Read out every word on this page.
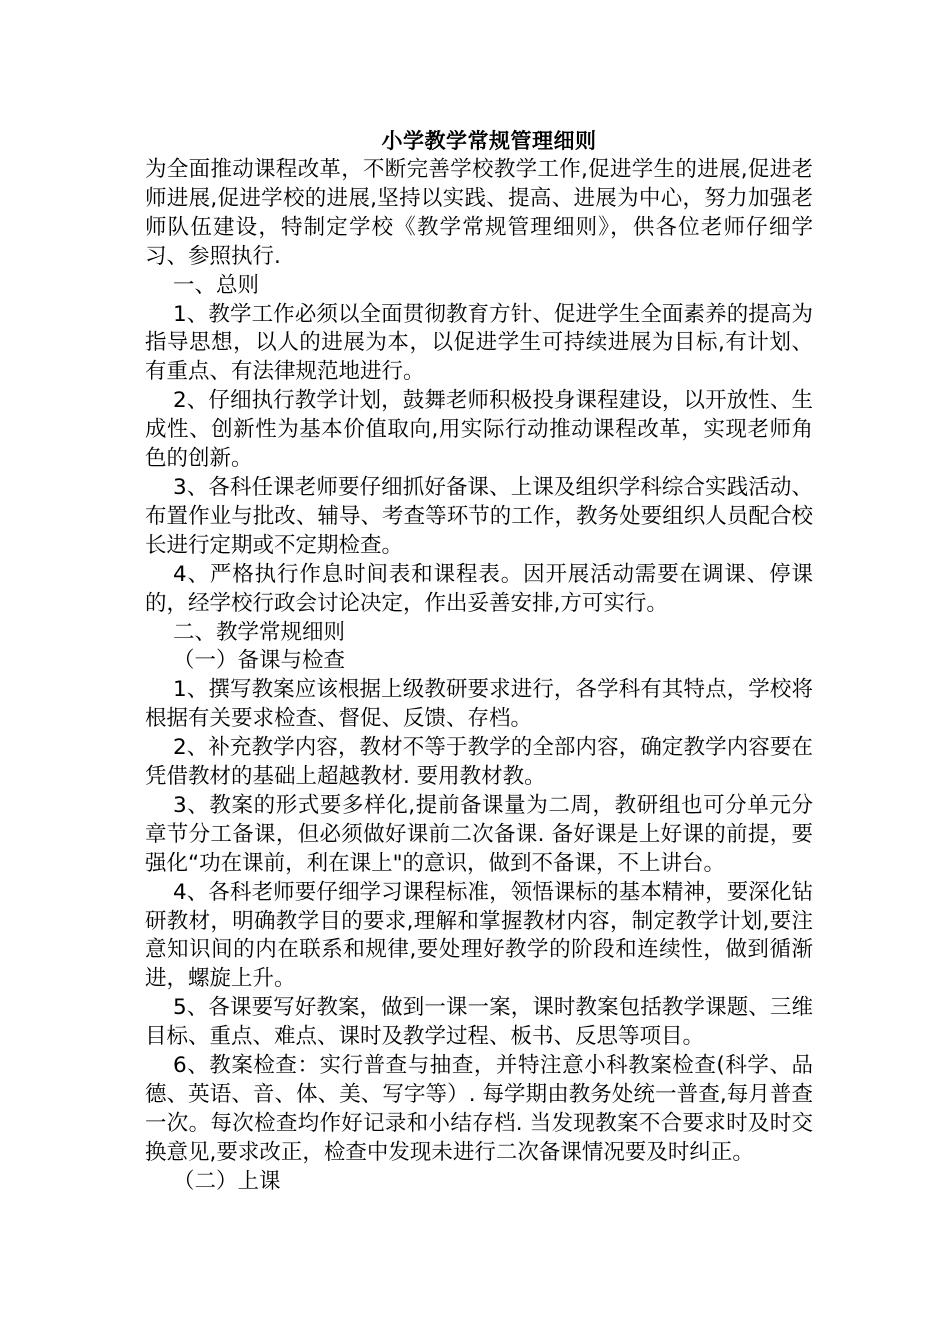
小学教学常规管理细则

为全面推动课程改革，不断完善学校教学工作,促进学生的进展,促进老师进展,促进学校的进展,坚持以实践、提高、进展为中心，努力加强老师队伍建设，特制定学校《教学常规管理细则》，供各位老师仔细学习、参照执行.

一、总则

1、教学工作必须以全面贯彻教育方针、促进学生全面素养的提高为指导思想，以人的进展为本，以促进学生可持续进展为目标,有计划、有重点、有法律规范地进行。

2、仔细执行教学计划，鼓舞老师积极投身课程建设，以开放性、生成性、创新性为基本价值取向,用实际行动推动课程改革，实现老师角色的创新。

3、各科任课老师要仔细抓好备课、上课及组织学科综合实践活动、布置作业与批改、辅导、考查等环节的工作，教务处要组织人员配合校长进行定期或不定期检查。

4、严格执行作息时间表和课程表。因开展活动需要在调课、停课的，经学校行政会讨论决定，作出妥善安排,方可实行。

二、教学常规细则

（一）备课与检查

1、撰写教案应该根据上级教研要求进行，各学科有其特点，学校将根据有关要求检查、督促、反馈、存档。

2、补充教学内容，教材不等于教学的全部内容，确定教学内容要在凭借教材的基础上超越教材. 要用教材教。

3、教案的形式要多样化,提前备课量为二周，教研组也可分单元分章节分工备课，但必须做好课前二次备课. 备好课是上好课的前提，要强化“功在课前，利在课上"的意识，做到不备课，不上讲台。

4、各科老师要仔细学习课程标准，领悟课标的基本精神，要深化钻研教材，明确教学目的要求,理解和掌握教材内容，制定教学计划,要注意知识间的内在联系和规律,要处理好教学的阶段和连续性，做到循渐进，螺旋上升。

5、各课要写好教案，做到一课一案，课时教案包括教学课题、三维目标、重点、难点、课时及教学过程、板书、反思等项目。

6、教案检查：实行普查与抽查，并特注意小科教案检查(科学、品德、英语、音、体、美、写字等）. 每学期由教务处统一普查,每月普查一次。每次检查均作好记录和小结存档. 当发现教案不合要求时及时交换意见,要求改正，检查中发现未进行二次备课情况要及时纠正。

（二）上课
